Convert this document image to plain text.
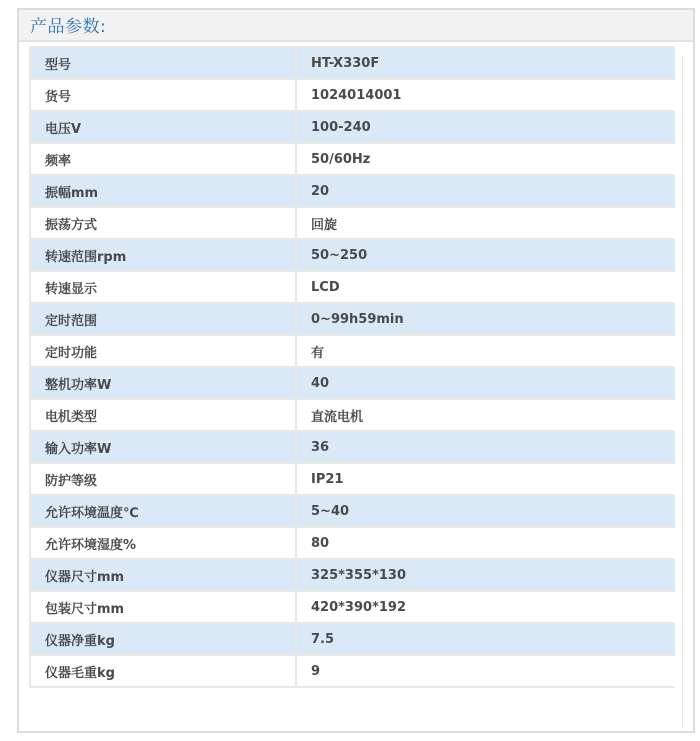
产品参数:
型号	HT-X330F
货号	1024014001
电压V	100-240
频率	50/60Hz
振幅mm	20
振荡方式	回旋
转速范围rpm	50~250
转速显示	LCD
定时范围	0~99h59min
定时功能	有
整机功率W	40
电机类型	直流电机
输入功率W	36
防护等级	IP21
允许环境温度℃	5~40
允许环境湿度%	80
仪器尺寸mm	325*355*130
包装尺寸mm	420*390*192
仪器净重kg	7.5
仪器毛重kg	9
